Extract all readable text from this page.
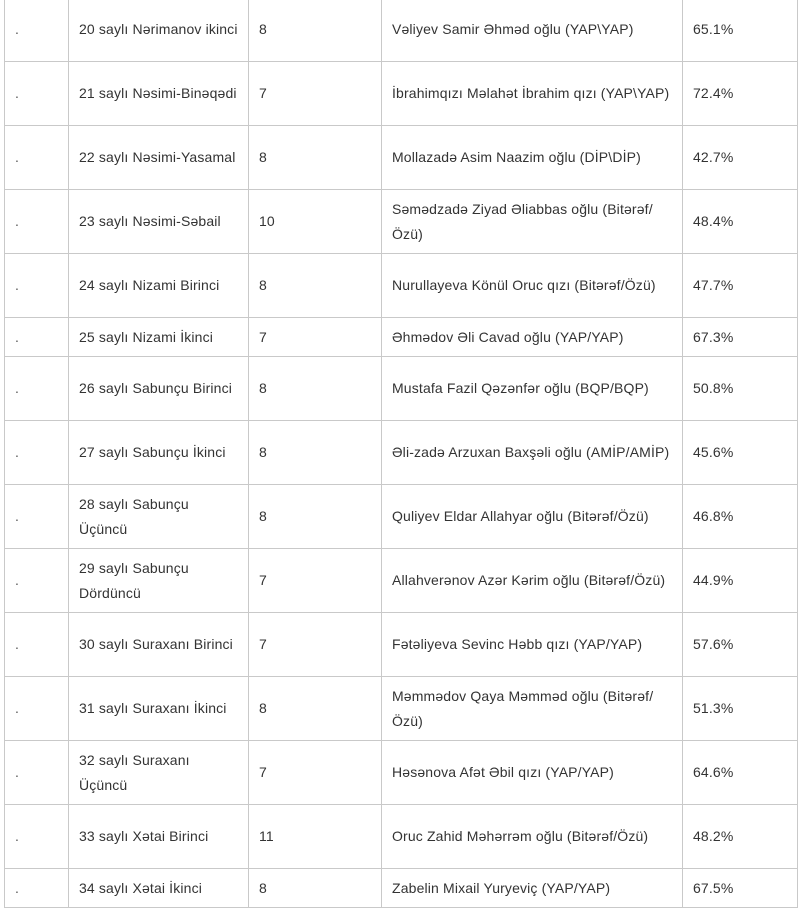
.	20 saylı Nərimanov ikinci	8	Vəliyev Samir Əhməd oğlu (YAP\YAP)	65.1%
.	21 saylı Nəsimi-Binəqədi	7	İbrahimqızı Məlahət İbrahim qızı (YAP\YAP)	72.4%
.	22 saylı Nəsimi-Yasamal	8	Mollazadə Asim Naazim oğlu (DİP\DİP)	42.7%
.	23 saylı Nəsimi-Səbail	10	Səmədzadə Ziyad Əliabbas oğlu (Bitərəf/Özü)	48.4%
.	24 saylı Nizami Birinci	8	Nurullayeva Könül Oruc qızı (Bitərəf/Özü)	47.7%
.	25 saylı Nizami İkinci	7	Əhmədov Əli Cavad oğlu (YAP/YAP)	67.3%
.	26 saylı Sabunçu Birinci	8	Mustafa Fazil Qəzənfər oğlu (BQP/BQP)	50.8%
.	27 saylı Sabunçu İkinci	8	Əli-zadə Arzuxan Baxşəli oğlu (AMİP/AMİP)	45.6%
.	28 saylı Sabunçu Üçüncü	8	Quliyev Eldar Allahyar oğlu (Bitərəf/Özü)	46.8%
.	29 saylı Sabunçu Dördüncü	7	Allahverənov Azər Kərim oğlu (Bitərəf/Özü)	44.9%
.	30 saylı Suraxanı Birinci	7	Fətəliyeva Sevinc Həbb qızı (YAP/YAP)	57.6%
.	31 saylı Suraxanı İkinci	8	Məmmədov Qaya Məmməd oğlu (Bitərəf/Özü)	51.3%
.	32 saylı Suraxanı Üçüncü	7	Həsənova Afət Əbil qızı (YAP/YAP)	64.6%
.	33 saylı Xətai Birinci	11	Oruc Zahid Məhərrəm oğlu (Bitərəf/Özü)	48.2%
.	34 saylı Xətai İkinci	8	Zabelin Mixail Yuryeviç (YAP/YAP)	67.5%
